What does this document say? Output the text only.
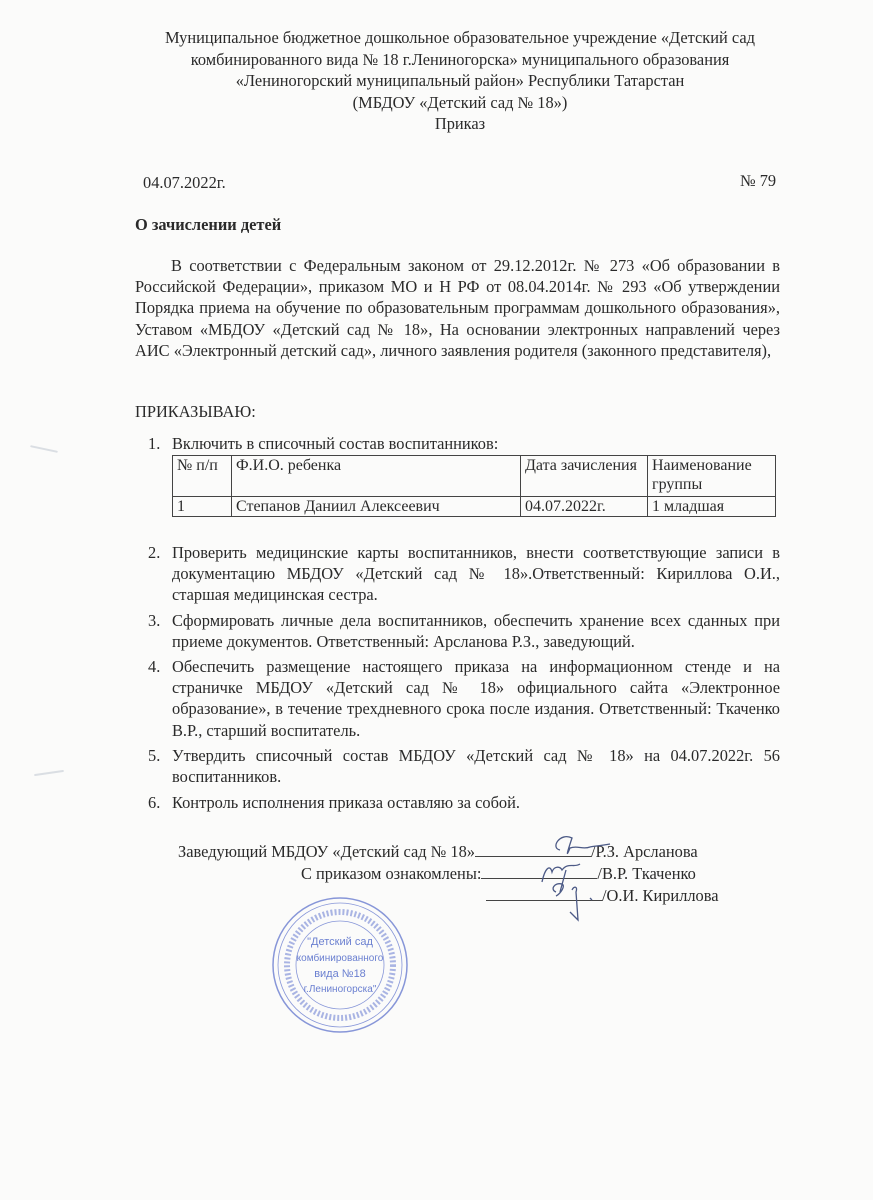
Муниципальное бюджетное дошкольное образовательное учреждение «Детский сад
комбинированного вида № 18 г.Лениногорска» муниципального образования
«Лениногорский муниципальный район» Республики Татарстан
(МБДОУ «Детский сад № 18»)
Приказ
04.07.2022г.	№ 79
О зачислении детей
В соответствии с Федеральным законом от 29.12.2012г. № 273 «Об образовании в Российской Федерации», приказом МО и Н РФ от 08.04.2014г. № 293 «Об утверждении Порядка приема на обучение по образовательным программам дошкольного образования», Уставом «МБДОУ «Детский сад № 18», На основании электронных направлений через АИС «Электронный детский сад», личного заявления родителя (законного представителя),
ПРИКАЗЫВАЮ:
1. Включить в списочный состав воспитанников:
№ п/п	Ф.И.О. ребенка	Дата зачисления	Наименование группы
1	Степанов Даниил Алексеевич	04.07.2022г.	1 младшая
2. Проверить медицинские карты воспитанников, внести соответствующие записи в документацию МБДОУ «Детский сад № 18».Ответственный: Кириллова О.И., старшая медицинская сестра.
3. Сформировать личные дела воспитанников, обеспечить хранение всех сданных при приеме документов. Ответственный: Арсланова Р.З., заведующий.
4. Обеспечить размещение настоящего приказа на информационном стенде и на страничке МБДОУ «Детский сад № 18» официального сайта «Электронное образование», в течение трехдневного срока после издания. Ответственный: Ткаченко В.Р., старший воспитатель.
5. Утвердить списочный состав МБДОУ «Детский сад № 18» на 04.07.2022г. 56 воспитанников.
6. Контроль исполнения приказа оставляю за собой.
Заведующий МБДОУ «Детский сад № 18»	/Р.З. Арсланова
С приказом ознакомлены:	/В.Р. Ткаченко
/О.И. Кириллова
"Детский сад
комбинированного
вида №18
г.Лениногорска"
